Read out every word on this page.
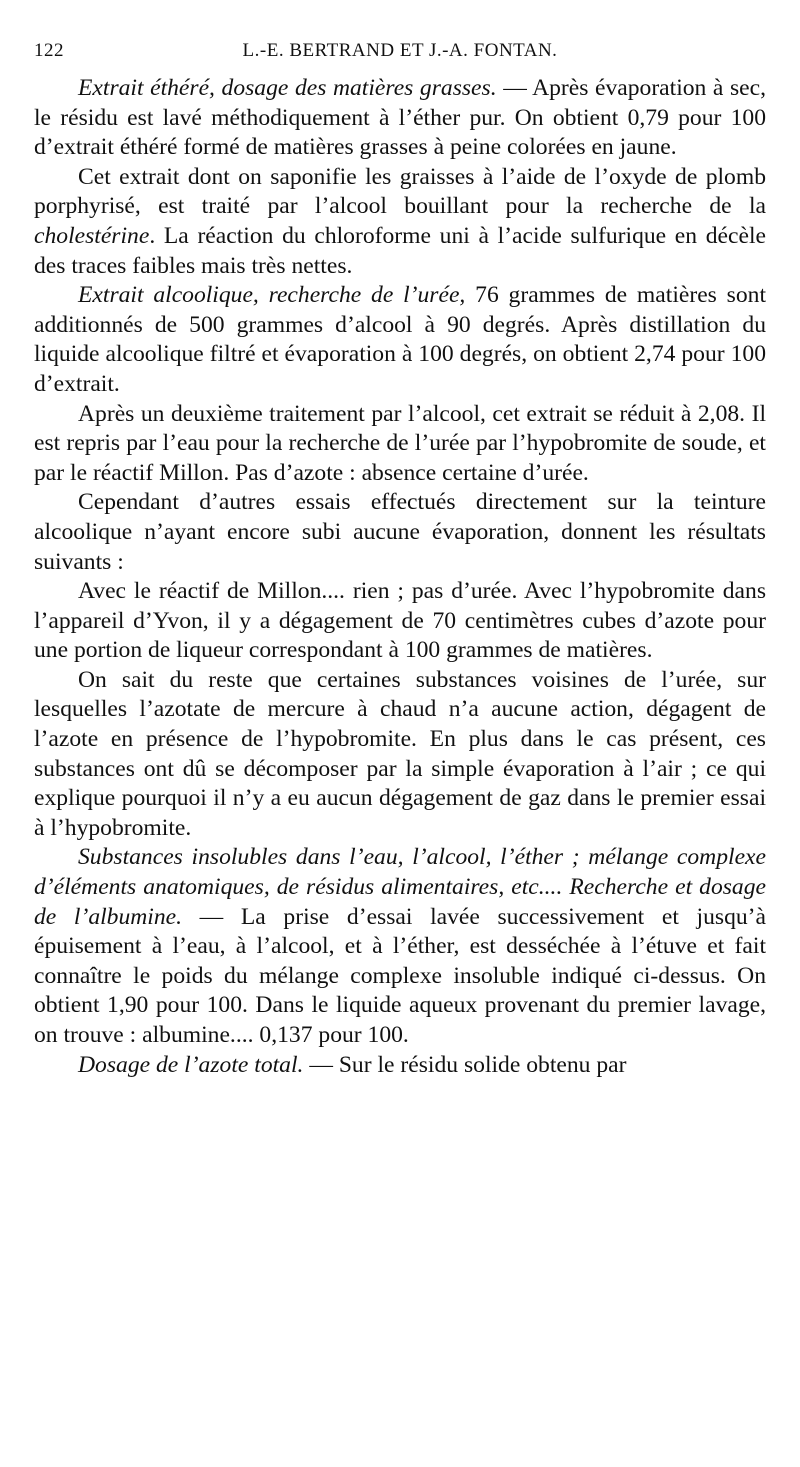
122	L.-E. BERTRAND ET J.-A. FONTAN.

Extrait éthéré, dosage des matières grasses. — Après évaporation à sec, le résidu est lavé méthodiquement à l’éther pur. On obtient 0,79 pour 100 d’extrait éthéré formé de matières grasses à peine colorées en jaune.

Cet extrait dont on saponifie les graisses à l’aide de l’oxyde de plomb porphyrisé, est traité par l’alcool bouillant pour la recherche de la cholestérine. La réaction du chloroforme uni à l’acide sulfurique en décèle des traces faibles mais très nettes.

Extrait alcoolique, recherche de l’urée, 76 grammes de matières sont additionnés de 500 grammes d’alcool à 90 degrés. Après distillation du liquide alcoolique filtré et évaporation à 100 degrés, on obtient 2,74 pour 100 d’extrait.

Après un deuxième traitement par l’alcool, cet extrait se réduit à 2,08. Il est repris par l’eau pour la recherche de l’urée par l’hypobromite de soude, et par le réactif Millon. Pas d’azote : absence certaine d’urée.

Cependant d’autres essais effectués directement sur la teinture alcoolique n’ayant encore subi aucune évaporation, donnent les résultats suivants :

Avec le réactif de Millon.... rien ; pas d’urée. Avec l’hypobromite dans l’appareil d’Yvon, il y a dégagement de 70 centimètres cubes d’azote pour une portion de liqueur correspondant à 100 grammes de matières.

On sait du reste que certaines substances voisines de l’urée, sur lesquelles l’azotate de mercure à chaud n’a aucune action, dégagent de l’azote en présence de l’hypobromite. En plus dans le cas présent, ces substances ont dû se décomposer par la simple évaporation à l’air ; ce qui explique pourquoi il n’y a eu aucun dégagement de gaz dans le premier essai à l’hypobromite.

Substances insolubles dans l’eau, l’alcool, l’éther ; mélange complexe d’éléments anatomiques, de résidus alimentaires, etc.... Recherche et dosage de l’albumine. — La prise d’essai lavée successivement et jusqu’à épuisement à l’eau, à l’alcool, et à l’éther, est desséchée à l’étuve et fait connaître le poids du mélange complexe insoluble indiqué ci-dessus. On obtient 1,90 pour 100. Dans le liquide aqueux provenant du premier lavage, on trouve : albumine.... 0,137 pour 100.

Dosage de l’azote total. — Sur le résidu solide obtenu par
